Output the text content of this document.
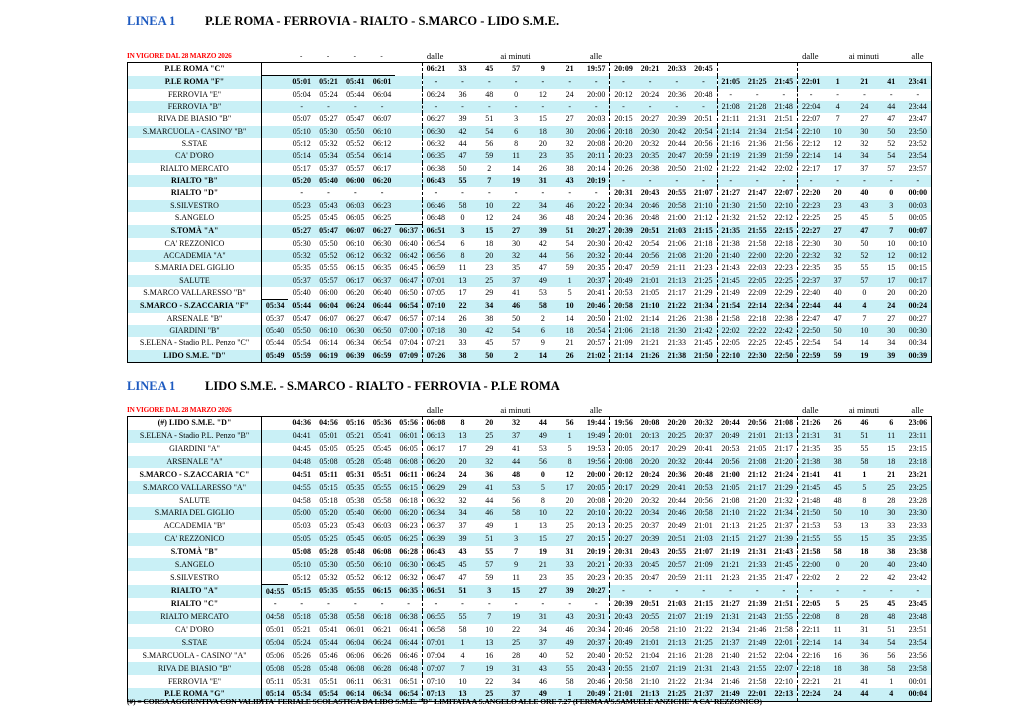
LINEA 1 P.LE ROMA - FERROVIA - RIALTO - S.MARCO - LIDO S.M.E.
IN VIGORE DAL 28 MARZO 2026		-	-	-	-		dalle	ai minuti	alle								dalle	ai minuti	alle
P.LE ROMA "C"							06:21	33	45	57	9	21	19:57	20:09	20:21	20:33	20:45								
P.LE ROMA "F"		05:01	05:21	05:41	06:01		-	-	-	-	-	-	-	-	-	-	-	21:05	21:25	21:45	22:01	1	21	41	23:41
FERROVIA "E"		05:04	05:24	05:44	06:04		06:24	36	48	0	12	24	20:00	20:12	20:24	20:36	20:48	-	-	-	-	-	-	-	-
FERROVIA "B"		-	-	-	-		-	-	-	-	-	-	-	-	-	-	-	21:08	21:28	21:48	22:04	4	24	44	23:44
RIVA DE BIASIO "B"		05:07	05:27	05:47	06:07		06:27	39	51	3	15	27	20:03	20:15	20:27	20:39	20:51	21:11	21:31	21:51	22:07	7	27	47	23:47
S.MARCUOLA - CASINO' "B"		05:10	05:30	05:50	06:10		06:30	42	54	6	18	30	20:06	20:18	20:30	20:42	20:54	21:14	21:34	21:54	22:10	10	30	50	23:50
S.STAE		05:12	05:32	05:52	06:12		06:32	44	56	8	20	32	20:08	20:20	20:32	20:44	20:56	21:16	21:36	21:56	22:12	12	32	52	23:52
CA' D'ORO		05:14	05:34	05:54	06:14		06:35	47	59	11	23	35	20:11	20:23	20:35	20:47	20:59	21:19	21:39	21:59	22:14	14	34	54	23:54
RIALTO MERCATO		05:17	05:37	05:57	06:17		06:38	50	2	14	26	38	20:14	20:26	20:38	20:50	21:02	21:22	21:42	22:02	22:17	17	37	57	23:57
RIALTO "B"		05:20	05:40	06:00	06:20		06:43	55	7	19	31	43	20:19	-	-	-	-	-	-	-	-	-	-	-	-
RIALTO "D"		-	-	-	-		-	-	-	-	-	-	-	20:31	20:43	20:55	21:07	21:27	21:47	22:07	22:20	20	40	0	00:00
S.SILVESTRO		05:23	05:43	06:03	06:23		06:46	58	10	22	34	46	20:22	20:34	20:46	20:58	21:10	21:30	21:50	22:10	22:23	23	43	3	00:03
S.ANGELO		05:25	05:45	06:05	06:25		06:48	0	12	24	36	48	20:24	20:36	20:48	21:00	21:12	21:32	21:52	22:12	22:25	25	45	5	00:05
S.TOMÀ "A"		05:27	05:47	06:07	06:27	06:37	06:51	3	15	27	39	51	20:27	20:39	20:51	21:03	21:15	21:35	21:55	22:15	22:27	27	47	7	00:07
CA' REZZONICO		05:30	05:50	06:10	06:30	06:40	06:54	6	18	30	42	54	20:30	20:42	20:54	21:06	21:18	21:38	21:58	22:18	22:30	30	50	10	00:10
ACCADEMIA "A"		05:32	05:52	06:12	06:32	06:42	06:56	8	20	32	44	56	20:32	20:44	20:56	21:08	21:20	21:40	22:00	22:20	22:32	32	52	12	00:12
S.MARIA DEL GIGLIO		05:35	05:55	06:15	06:35	06:45	06:59	11	23	35	47	59	20:35	20:47	20:59	21:11	21:23	21:43	22:03	22:23	22:35	35	55	15	00:15
SALUTE		05:37	05:57	06:17	06:37	06:47	07:01	13	25	37	49	1	20:37	20:49	21:01	21:13	21:25	21:45	22:05	22:25	22:37	37	57	17	00:17
S.MARCO VALLARESSO "B"		05:40	06:00	06:20	06:40	06:50	07:05	17	29	41	53	5	20:41	20:53	21:05	21:17	21:29	21:49	22:09	22:29	22:40	40	0	20	00:20
S.MARCO - S.ZACCARIA "F"	05:34	05:44	06:04	06:24	06:44	06:54	07:10	22	34	46	58	10	20:46	20:58	21:10	21:22	21:34	21:54	22:14	22:34	22:44	44	4	24	00:24
ARSENALE "B"	05:37	05:47	06:07	06:27	06:47	06:57	07:14	26	38	50	2	14	20:50	21:02	21:14	21:26	21:38	21:58	22:18	22:38	22:47	47	7	27	00:27
GIARDINI "B"	05:40	05:50	06:10	06:30	06:50	07:00	07:18	30	42	54	6	18	20:54	21:06	21:18	21:30	21:42	22:02	22:22	22:42	22:50	50	10	30	00:30
S.ELENA - Stadio P.L. Penzo "C"	05:44	05:54	06:14	06:34	06:54	07:04	07:21	33	45	57	9	21	20:57	21:09	21:21	21:33	21:45	22:05	22:25	22:45	22:54	54	14	34	00:34
LIDO S.M.E. "D"	05:49	05:59	06:19	06:39	06:59	07:09	07:26	38	50	2	14	26	21:02	21:14	21:26	21:38	21:50	22:10	22:30	22:50	22:59	59	19	39	00:39
LINEA 1 LIDO S.M.E. - S.MARCO - RIALTO - FERROVIA - P.LE ROMA
IN VIGORE DAL 28 MARZO 2026							dalle	ai minuti	alle								dalle	ai minuti	alle
(#) LIDO S.M.E. "D"		04:36	04:56	05:16	05:36	05:56	06:08	8	20	32	44	56	19:44	19:56	20:08	20:20	20:32	20:44	20:56	21:08	21:26	26	46	6	23:06
S.ELENA - Stadio P.L. Penzo "B"		04:41	05:01	05:21	05:41	06:01	06:13	13	25	37	49	1	19:49	20:01	20:13	20:25	20:37	20:49	21:01	21:13	21:31	31	51	11	23:11
GIARDINI "A"		04:45	05:05	05:25	05:45	06:05	06:17	17	29	41	53	5	19:53	20:05	20:17	20:29	20:41	20:53	21:05	21:17	21:35	35	55	15	23:15
ARSENALE "A"		04:48	05:08	05:28	05:48	06:08	06:20	20	32	44	56	8	19:56	20:08	20:20	20:32	20:44	20:56	21:08	21:20	21:38	38	58	18	23:18
S.MARCO - S.ZACCARIA "C"		04:51	05:11	05:31	05:51	06:11	06:24	24	36	48	0	12	20:00	20:12	20:24	20:36	20:48	21:00	21:12	21:24	21:41	41	1	21	23:21
S.MARCO VALLARESSO "A"		04:55	05:15	05:35	05:55	06:15	06:29	29	41	53	5	17	20:05	20:17	20:29	20:41	20:53	21:05	21:17	21:29	21:45	45	5	25	23:25
SALUTE		04:58	05:18	05:38	05:58	06:18	06:32	32	44	56	8	20	20:08	20:20	20:32	20:44	20:56	21:08	21:20	21:32	21:48	48	8	28	23:28
S.MARIA DEL GIGLIO		05:00	05:20	05:40	06:00	06:20	06:34	34	46	58	10	22	20:10	20:22	20:34	20:46	20:58	21:10	21:22	21:34	21:50	50	10	30	23:30
ACCADEMIA "B"		05:03	05:23	05:43	06:03	06:23	06:37	37	49	1	13	25	20:13	20:25	20:37	20:49	21:01	21:13	21:25	21:37	21:53	53	13	33	23:33
CA' REZZONICO		05:05	05:25	05:45	06:05	06:25	06:39	39	51	3	15	27	20:15	20:27	20:39	20:51	21:03	21:15	21:27	21:39	21:55	55	15	35	23:35
S.TOMÀ "B"		05:08	05:28	05:48	06:08	06:28	06:43	43	55	7	19	31	20:19	20:31	20:43	20:55	21:07	21:19	21:31	21:43	21:58	58	18	38	23:38
S.ANGELO		05:10	05:30	05:50	06:10	06:30	06:45	45	57	9	21	33	20:21	20:33	20:45	20:57	21:09	21:21	21:33	21:45	22:00	0	20	40	23:40
S.SILVESTRO		05:12	05:32	05:52	06:12	06:32	06:47	47	59	11	23	35	20:23	20:35	20:47	20:59	21:11	21:23	21:35	21:47	22:02	2	22	42	23:42
RIALTO "A"	04:55	05:15	05:35	05:55	06:15	06:35	06:51	51	3	15	27	39	20:27	-	-	-	-	-	-	-	-	-	-	-	-
RIALTO "C"	-	-	-	-	-	-	-	-	-	-	-	-	-	20:39	20:51	21:03	21:15	21:27	21:39	21:51	22:05	5	25	45	23:45
RIALTO MERCATO	04:58	05:18	05:38	05:58	06:18	06:38	06:55	55	7	19	31	43	20:31	20:43	20:55	21:07	21:19	21:31	21:43	21:55	22:08	8	28	48	23:48
CA' D'ORO	05:01	05:21	05:41	06:01	06:21	06:41	06:58	58	10	22	34	46	20:34	20:46	20:58	21:10	21:22	21:34	21:46	21:58	22:11	11	31	51	23:51
S.STAE	05:04	05:24	05:44	06:04	06:24	06:44	07:01	1	13	25	37	49	20:37	20:49	21:01	21:13	21:25	21:37	21:49	22:01	22:14	14	34	54	23:54
S.MARCUOLA - CASINO' "A"	05:06	05:26	05:46	06:06	06:26	06:46	07:04	4	16	28	40	52	20:40	20:52	21:04	21:16	21:28	21:40	21:52	22:04	22:16	16	36	56	23:56
RIVA DE BIASIO "B"	05:08	05:28	05:48	06:08	06:28	06:48	07:07	7	19	31	43	55	20:43	20:55	21:07	21:19	21:31	21:43	21:55	22:07	22:18	18	38	58	23:58
FERROVIA "E"	05:11	05:31	05:51	06:11	06:31	06:51	07:10	10	22	34	46	58	20:46	20:58	21:10	21:22	21:34	21:46	21:58	22:10	22:21	21	41	1	00:01
P.LE ROMA "G"	05:14	05:34	05:54	06:14	06:34	06:54	07:13	13	25	37	49	1	20:49	21:01	21:13	21:25	21:37	21:49	22:01	22:13	22:24	24	44	4	00:04
(#) = CORSA AGGIUNTIVA CON VALIDITA' FERIALE SCOLASTICA DA LIDO S.M.E. "D" LIMITATA A S.ANGELO ALLE ORE 7.27 (FERMA A S.SAMUELE ANZICHE' A CA' REZZONICO)
